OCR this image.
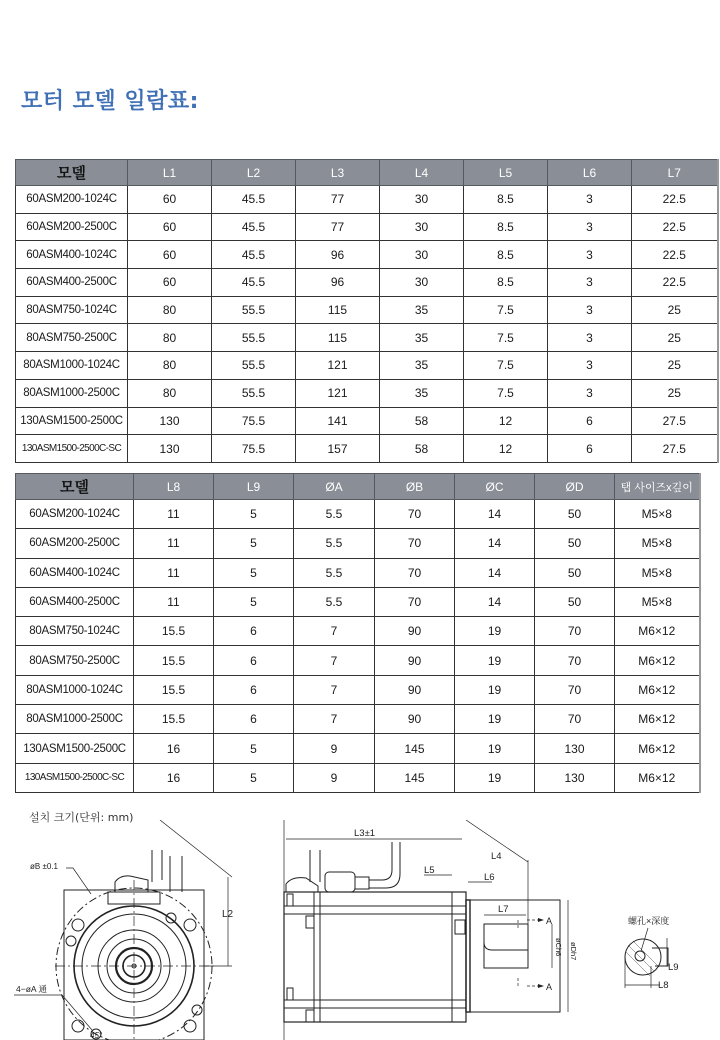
모터 모델 일람표:
모델	L1	L2	L3	L4	L5	L6	L7
60ASM200-1024C	60	45.5	77	30	8.5	3	22.5
60ASM200-2500C	60	45.5	77	30	8.5	3	22.5
60ASM400-1024C	60	45.5	96	30	8.5	3	22.5
60ASM400-2500C	60	45.5	96	30	8.5	3	22.5
80ASM750-1024C	80	55.5	115	35	7.5	3	25
80ASM750-2500C	80	55.5	115	35	7.5	3	25
80ASM1000-1024C	80	55.5	121	35	7.5	3	25
80ASM1000-2500C	80	55.5	121	35	7.5	3	25
130ASM1500-2500C	130	75.5	141	58	12	6	27.5
130ASM1500-2500C-SC	130	75.5	157	58	12	6	27.5
모델	L8	L9	ØA	ØB	ØC	ØD	탭 사이즈x깊이
60ASM200-1024C	11	5	5.5	70	14	50	M5×8
60ASM200-2500C	11	5	5.5	70	14	50	M5×8
60ASM400-1024C	11	5	5.5	70	14	50	M5×8
60ASM400-2500C	11	5	5.5	70	14	50	M5×8
80ASM750-1024C	15.5	6	7	90	19	70	M6×12
80ASM750-2500C	15.5	6	7	90	19	70	M6×12
80ASM1000-1024C	15.5	6	7	90	19	70	M6×12
80ASM1000-2500C	15.5	6	7	90	19	70	M6×12
130ASM1500-2500C	16	5	9	145	19	130	M6×12
130ASM1500-2500C-SC	16	5	9	145	19	130	M6×12
설치 크기(단위: mm)
L2
øB ±0.1
4−øA 通
45°
L3±1
L4
L5
L6
L7
A
A
øCh6 øDh7
螺孔×深度
L9
L8
